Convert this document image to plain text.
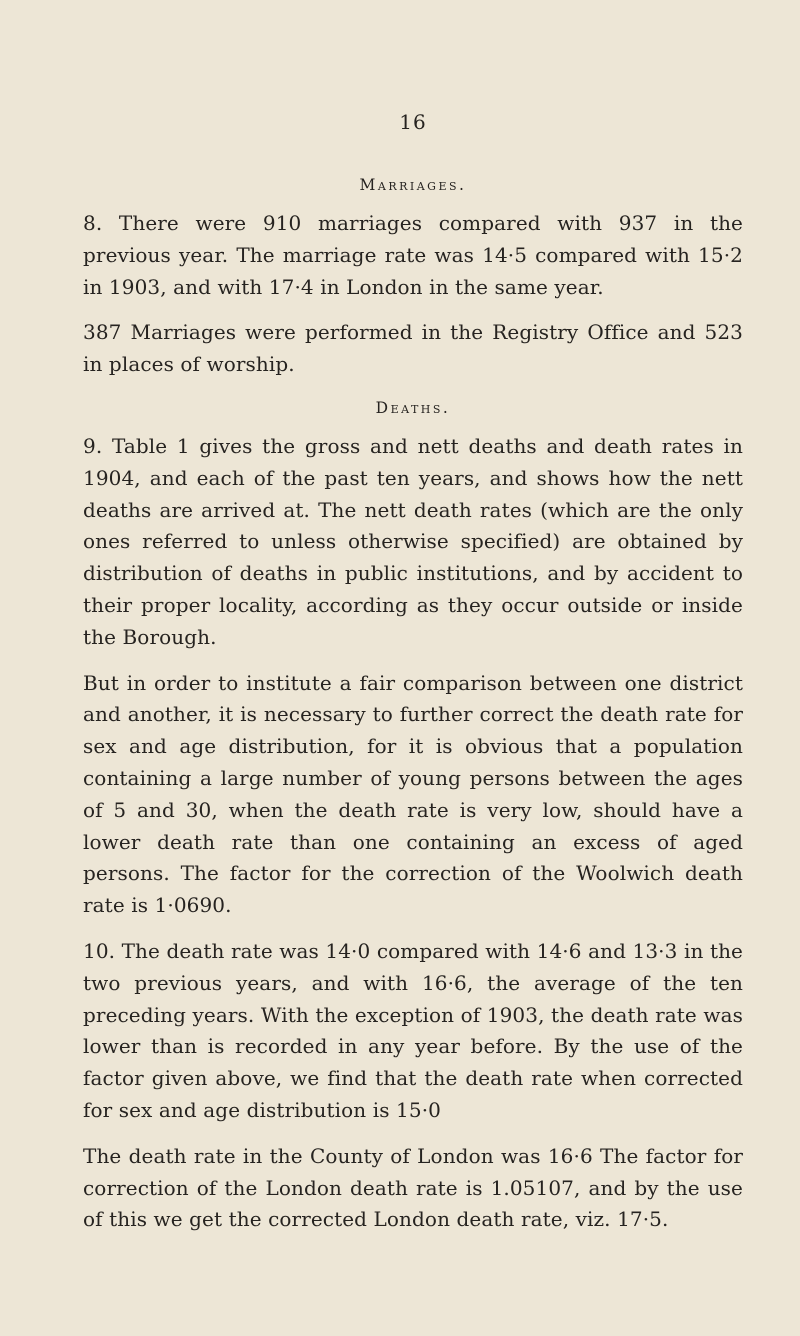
16
Marriages.

8. There were 910 marriages compared with 937 in the previous year. The marriage rate was 14·5 compared with 15·2 in 1903, and with 17·4 in London in the same year.

387 Marriages were performed in the Registry Office and 523 in places of worship.

Deaths.

9. Table 1 gives the gross and nett deaths and death rates in 1904, and each of the past ten years, and shows how the nett deaths are arrived at. The nett death rates (which are the only ones referred to unless otherwise specified) are obtained by distribution of deaths in public institutions, and by accident to their proper locality, according as they occur outside or inside the Borough.

But in order to institute a fair comparison between one district and another, it is necessary to further correct the death rate for sex and age distribution, for it is obvious that a population containing a large number of young persons between the ages of 5 and 30, when the death rate is very low, should have a lower death rate than one containing an excess of aged persons. The factor for the correction of the Woolwich death rate is 1·0690.

10. The death rate was 14·0 compared with 14·6 and 13·3 in the two previous years, and with 16·6, the average of the ten preceding years. With the exception of 1903, the death rate was lower than is recorded in any year before. By the use of the factor given above, we find that the death rate when corrected for sex and age distribution is 15·0

The death rate in the County of London was 16·6 The factor for correction of the London death rate is 1.05107, and by the use of this we get the corrected London death rate, viz. 17·5.
